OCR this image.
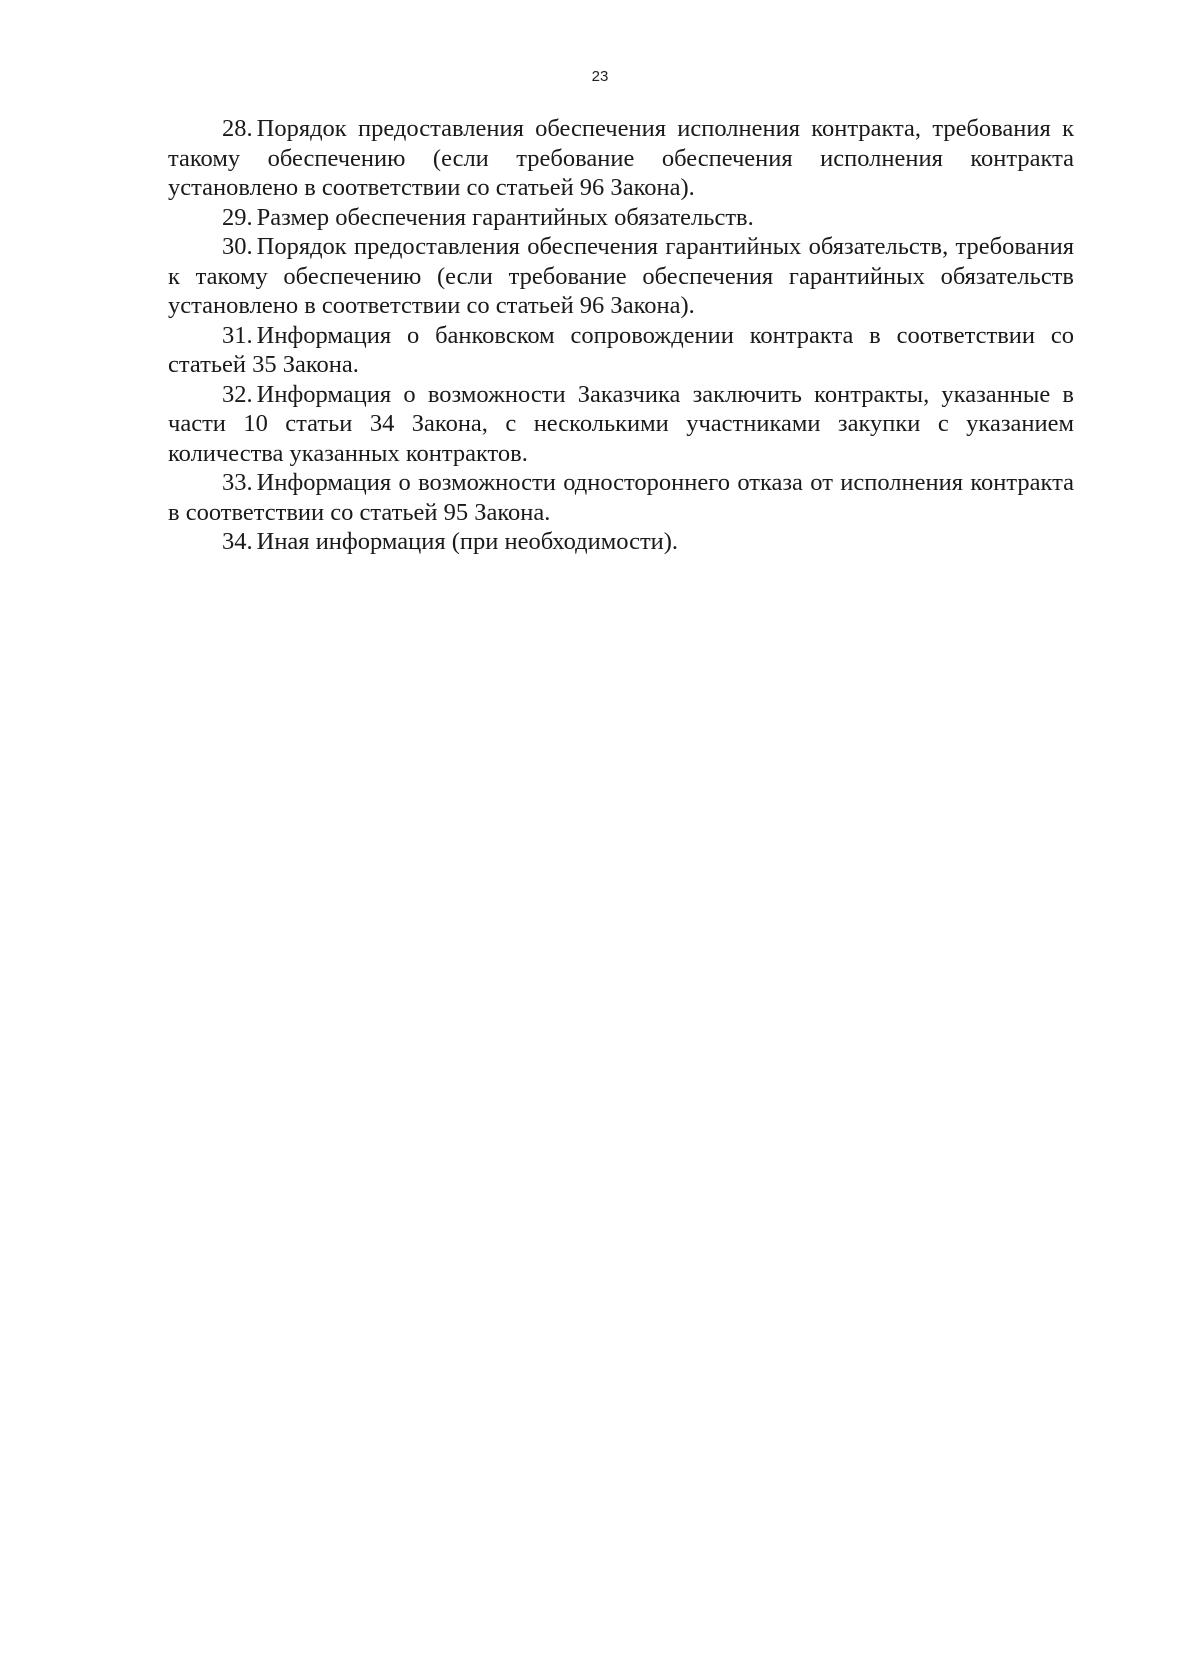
23

28. Порядок предоставления обеспечения исполнения контракта, требования к такому обеспечению (если требование обеспечения исполнения контракта установлено в соответствии со статьей 96 Закона).

29. Размер обеспечения гарантийных обязательств.

30. Порядок предоставления обеспечения гарантийных обязательств, требования к такому обеспечению (если требование обеспечения гарантийных обязательств установлено в соответствии со статьей 96 Закона).

31. Информация о банковском сопровождении контракта в соответствии со статьей 35 Закона.

32. Информация о возможности Заказчика заключить контракты, указанные в части 10 статьи 34 Закона, с несколькими участниками закупки с указанием количества указанных контрактов.

33. Информация о возможности одностороннего отказа от исполнения контракта в соответствии со статьей 95 Закона.

34. Иная информация (при необходимости).
